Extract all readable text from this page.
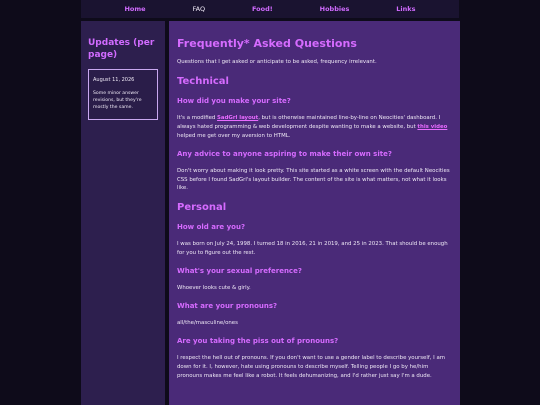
Home	FAQ	Food!	Hobbies	Links
Updates (per page)
August 11, 2026
Some minor answer revisions, but they're mostly the same.
Frequently* Asked Questions

Questions that I get asked or anticipate to be asked, frequency irrelevant.

Technical
How did you make your site?

It's a modified SadGrl layout, but is otherwise maintained line-by-line on Neocities' dashboard. I always hated programming & web development despite wanting to make a website, but this video helped me get over my aversion to HTML.

Any advice to anyone aspiring to make their own site?

Don't worry about making it look pretty. This site started as a white screen with the default Neocities CSS before I found SadGrl's layout builder. The content of the site is what matters, not what it looks like.

Personal
How old are you?

I was born on July 24, 1998. I turned 18 in 2016, 21 in 2019, and 25 in 2023. That should be enough for you to figure out the rest.

What's your sexual preference?

Whoever looks cute & girly.

What are your pronouns?

all/the/masculine/ones

Are you taking the piss out of pronouns?

I respect the hell out of pronouns. If you don't want to use a gender label to describe yourself, I am down for it. I, however, hate using pronouns to describe myself. Telling people I go by he/him pronouns makes me feel like a robot. It feels dehumanizing, and I'd rather just say I'm a dude.
